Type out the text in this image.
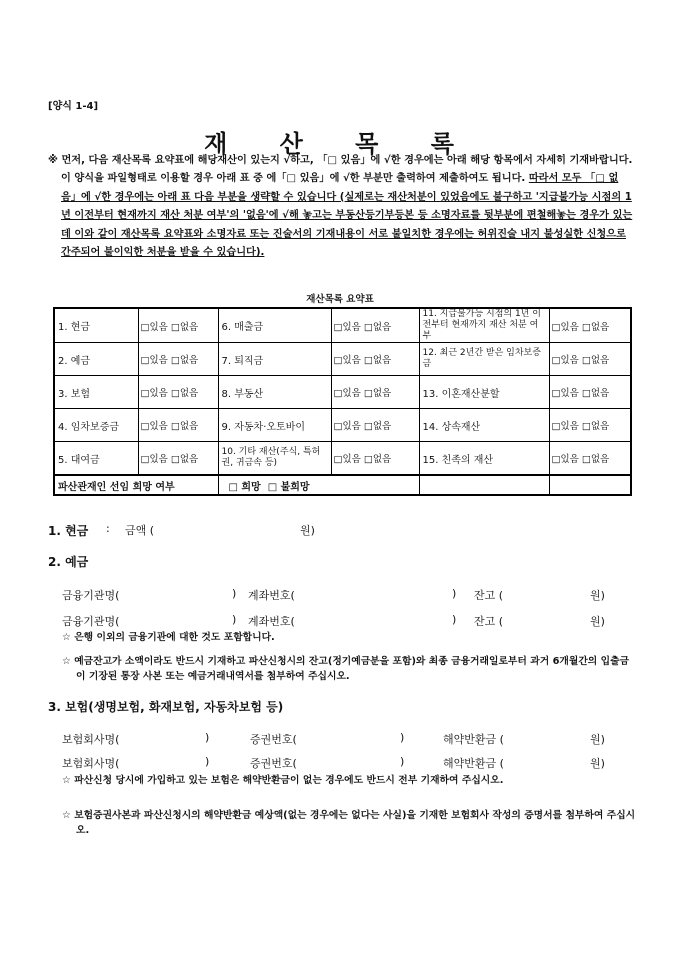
[양식 1-4]
재 산 목 록
※ 먼저, 다음 재산목록 요약표에 해당재산이 있는지 √하고, 「□ 있음」에 √한 경우에는 아래 해당 항목에서 자세히 기재바랍니다. 이 양식을 파일형태로 이용할 경우 아래 표 중 에「□ 있음」에 √한 부분만 출력하여 제출하여도 됩니다. 따라서 모두 「□ 없음」에 √한 경우에는 아래 표 다음 부분을 생략할 수 있습니다 (실제로는 재산처분이 있었음에도 불구하고 '지급불가능 시점의 1년 이전부터 현재까지 재산 처분 여부'의 '없음'에 √해 놓고는 부동산등기부등본 등 소명자료를 뒷부분에 편철해놓는 경우가 있는데 이와 같이 재산목록 요약표와 소명자료 또는 진술서의 기재내용이 서로 불일치한 경우에는 허위진술 내지 불성실한 신청으로 간주되어 불이익한 처분을 받을 수 있습니다).
재산목록 요약표
1. 현금	□있음 □없음	6. 매출금	□있음 □없음	11. 지급불가능 시점의 1년 이전부터 현재까지 재산 처분 여부	□있음 □없음
2. 예금	□있음 □없음	7. 퇴직금	□있음 □없음	12. 최근 2년간 받은 임차보증금	□있음 □없음
3. 보험	□있음 □없음	8. 부동산	□있음 □없음	13. 이혼재산분할	□있음 □없음
4. 임차보증금	□있음 □없음	9. 자동차·오토바이	□있음 □없음	14. 상속재산	□있음 □없음
5. 대여금	□있음 □없음	10. 기타 재산(주식, 특허권, 귀금속 등)	□있음 □없음	15. 친족의 재산	□있음 □없음
파산관재인 선임 희망 여부		□ 희망 □ 불희망			
1. 현금 : 금액 (	원)
2. 예금
금융기관명(	) 계좌번호(	) 잔고 (	원)
금융기관명(	) 계좌번호(	) 잔고 (	원)
☆ 은행 이외의 금융기관에 대한 것도 포함합니다.
☆ 예금잔고가 소액이라도 반드시 기재하고 파산신청시의 잔고(정기예금분을 포함)와 최종 금융거래일로부터 과거 6개월간의 입출금이 기장된 통장 사본 또는 예금거래내역서를 첨부하여 주십시오.
3. 보험(생명보험, 화재보험, 자동차보험 등)
보험회사명(	)	증권번호(	)	해약반환금 (	원)
보험회사명(	)	증권번호(	)	해약반환금 (	원)
☆ 파산신청 당시에 가입하고 있는 보험은 해약반환금이 없는 경우에도 반드시 전부 기재하여 주십시오.
☆ 보험증권사본과 파산신청시의 해약반환금 예상액(없는 경우에는 없다는 사실)을 기재한 보험회사 작성의 증명서를 첨부하여 주십시오.
